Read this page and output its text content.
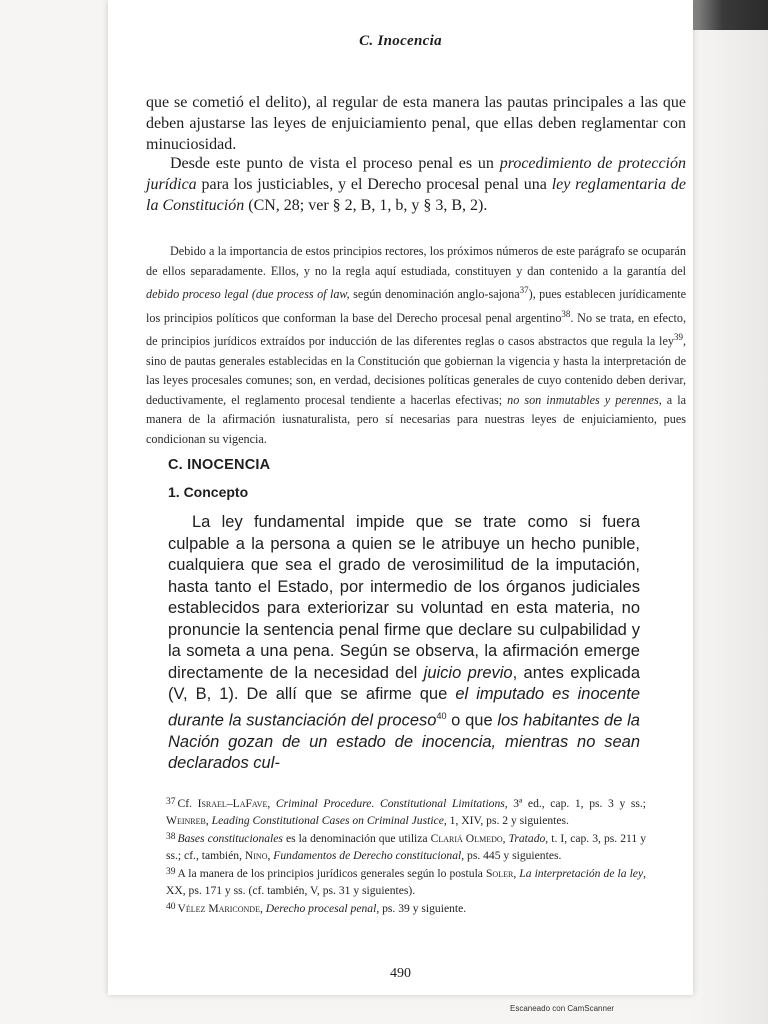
C. Inocencia

que se cometió el delito), al regular de esta manera las pautas principales a las que deben ajustarse las leyes de enjuiciamiento penal, que ellas deben reglamentar con minuciosidad.

Desde este punto de vista el proceso penal es un procedimiento de protección jurídica para los justiciables, y el Derecho procesal penal una ley reglamentaria de la Constitución (CN, 28; ver § 2, B, 1, b, y § 3, B, 2).

Debido a la importancia de estos principios rectores, los próximos números de este parágrafo se ocuparán de ellos separadamente. Ellos, y no la regla aquí estudiada, constituyen y dan contenido a la garantía del debido proceso legal (due process of law, según denominación anglo-sajona$^{37}$), pues establecen jurídicamente los principios políticos que conforman la base del Derecho procesal penal argentino$^{38}$. No se trata, en efecto, de principios jurídicos extraídos por inducción de las diferentes reglas o casos abstractos que regula la ley$^{39}$, sino de pautas generales establecidas en la Constitución que gobiernan la vigencia y hasta la interpretación de las leyes procesales comunes; son, en verdad, decisiones políticas generales de cuyo contenido deben derivar, deductivamente, el reglamento procesal tendiente a hacerlas efectivas; no son inmutables y perennes, a la manera de la afirmación iusnaturalista, pero sí necesarias para nuestras leyes de enjuiciamiento, pues condicionan su vigencia.

C. INOCENCIA
1. Concepto

La ley fundamental impide que se trate como si fuera culpable a la persona a quien se le atribuye un hecho punible, cualquiera que sea el grado de verosimilitud de la imputación, hasta tanto el Estado, por intermedio de los órganos judiciales establecidos para exteriorizar su voluntad en esta materia, no pronuncie la sentencia penal firme que declare su culpabilidad y la someta a una pena. Según se observa, la afirmación emerge directamente de la necesidad del juicio previo, antes explicada (V, B, 1). De allí que se afirme que el imputado es inocente durante la sustanciación del proceso$^{40}$ o que los habitantes de la Nación gozan de un estado de inocencia, mientras no sean declarados cul-

$^{37}$ Cf. Israel–LaFave, Criminal Procedure. Constitutional Limitations, 3ª ed., cap. 1, ps. 3 y ss.; Weinreb, Leading Constitutional Cases on Criminal Justice, 1, XIV, ps. 2 y siguientes.

$^{38}$ Bases constitucionales es la denominación que utiliza Clariá Olmedo, Tratado, t. I, cap. 3, ps. 211 y ss.; cf., también, Nino, Fundamentos de Derecho constitucional, ps. 445 y siguientes.

$^{39}$ A la manera de los principios jurídicos generales según lo postula Soler, La interpretación de la ley, XX, ps. 171 y ss. (cf. también, V, ps. 31 y siguientes).

$^{40}$ Vélez Mariconde, Derecho procesal penal, ps. 39 y siguiente.

490
Escaneado con CamScanner
